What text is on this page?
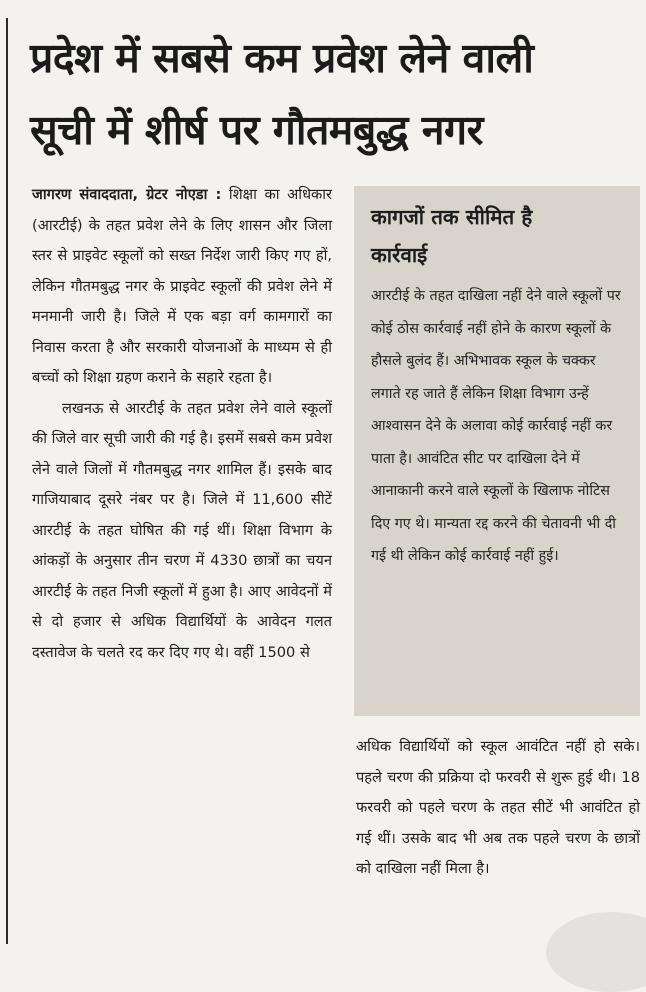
प्रदेश में सबसे कम प्रवेश लेने वाली
सूची में शीर्ष पर गौतमबुद्ध नगर

जागरण संवाददाता, ग्रेटर नोएडा : शिक्षा का अधिकार (आरटीई) के तहत प्रवेश लेने के लिए शासन और जिला स्तर से प्राइवेट स्कूलों को सख्त निर्देश जारी किए गए हों, लेकिन गौतमबुद्ध नगर के प्राइवेट स्कूलों की प्रवेश लेने में मनमानी जारी है। जिले में एक बड़ा वर्ग कामगारों का निवास करता है और सरकारी योजनाओं के माध्यम से ही बच्चों को शिक्षा ग्रहण कराने के सहारे रहता है।

लखनऊ से आरटीई के तहत प्रवेश लेने वाले स्कूलों की जिले वार सूची जारी की गई है। इसमें सबसे कम प्रवेश लेने वाले जिलों में गौतमबुद्ध नगर शामिल हैं। इसके बाद गाजियाबाद दूसरे नंबर पर है। जिले में 11,600 सीटें आरटीई के तहत घोषित की गई थीं। शिक्षा विभाग के आंकड़ों के अनुसार तीन चरण में 4330 छात्रों का चयन आरटीई के तहत निजी स्कूलों में हुआ है। आए आवेदनों में से दो हजार से अधिक विद्यार्थियों के आवेदन गलत दस्तावेज के चलते रद कर दिए गए थे। वहीं 1500 से

कागजों तक सीमित है
कार्रवाई

आरटीई के तहत दाखिला नहीं देने वाले स्कूलों पर कोई ठोस कार्रवाई नहीं होने के कारण स्कूलों के हौसले बुलंद हैं। अभिभावक स्कूल के चक्कर लगाते रह जाते हैं लेकिन शिक्षा विभाग उन्हें आश्वासन देने के अलावा कोई कार्रवाई नहीं कर पाता है। आवंटित सीट पर दाखिला देने में आनाकानी करने वाले स्कूलों के खिलाफ नोटिस दिए गए थे। मान्यता रद्द करने की चेतावनी भी दी गई थी लेकिन कोई कार्रवाई नहीं हुई।

अधिक विद्यार्थियों को स्कूल आवंटित नहीं हो सके। पहले चरण की प्रक्रिया दो फरवरी से शुरू हुई थी। 18 फरवरी को पहले चरण के तहत सीटें भी आवंटित हो गई थीं। उसके बाद भी अब तक पहले चरण के छात्रों को दाखिला नहीं मिला है।
